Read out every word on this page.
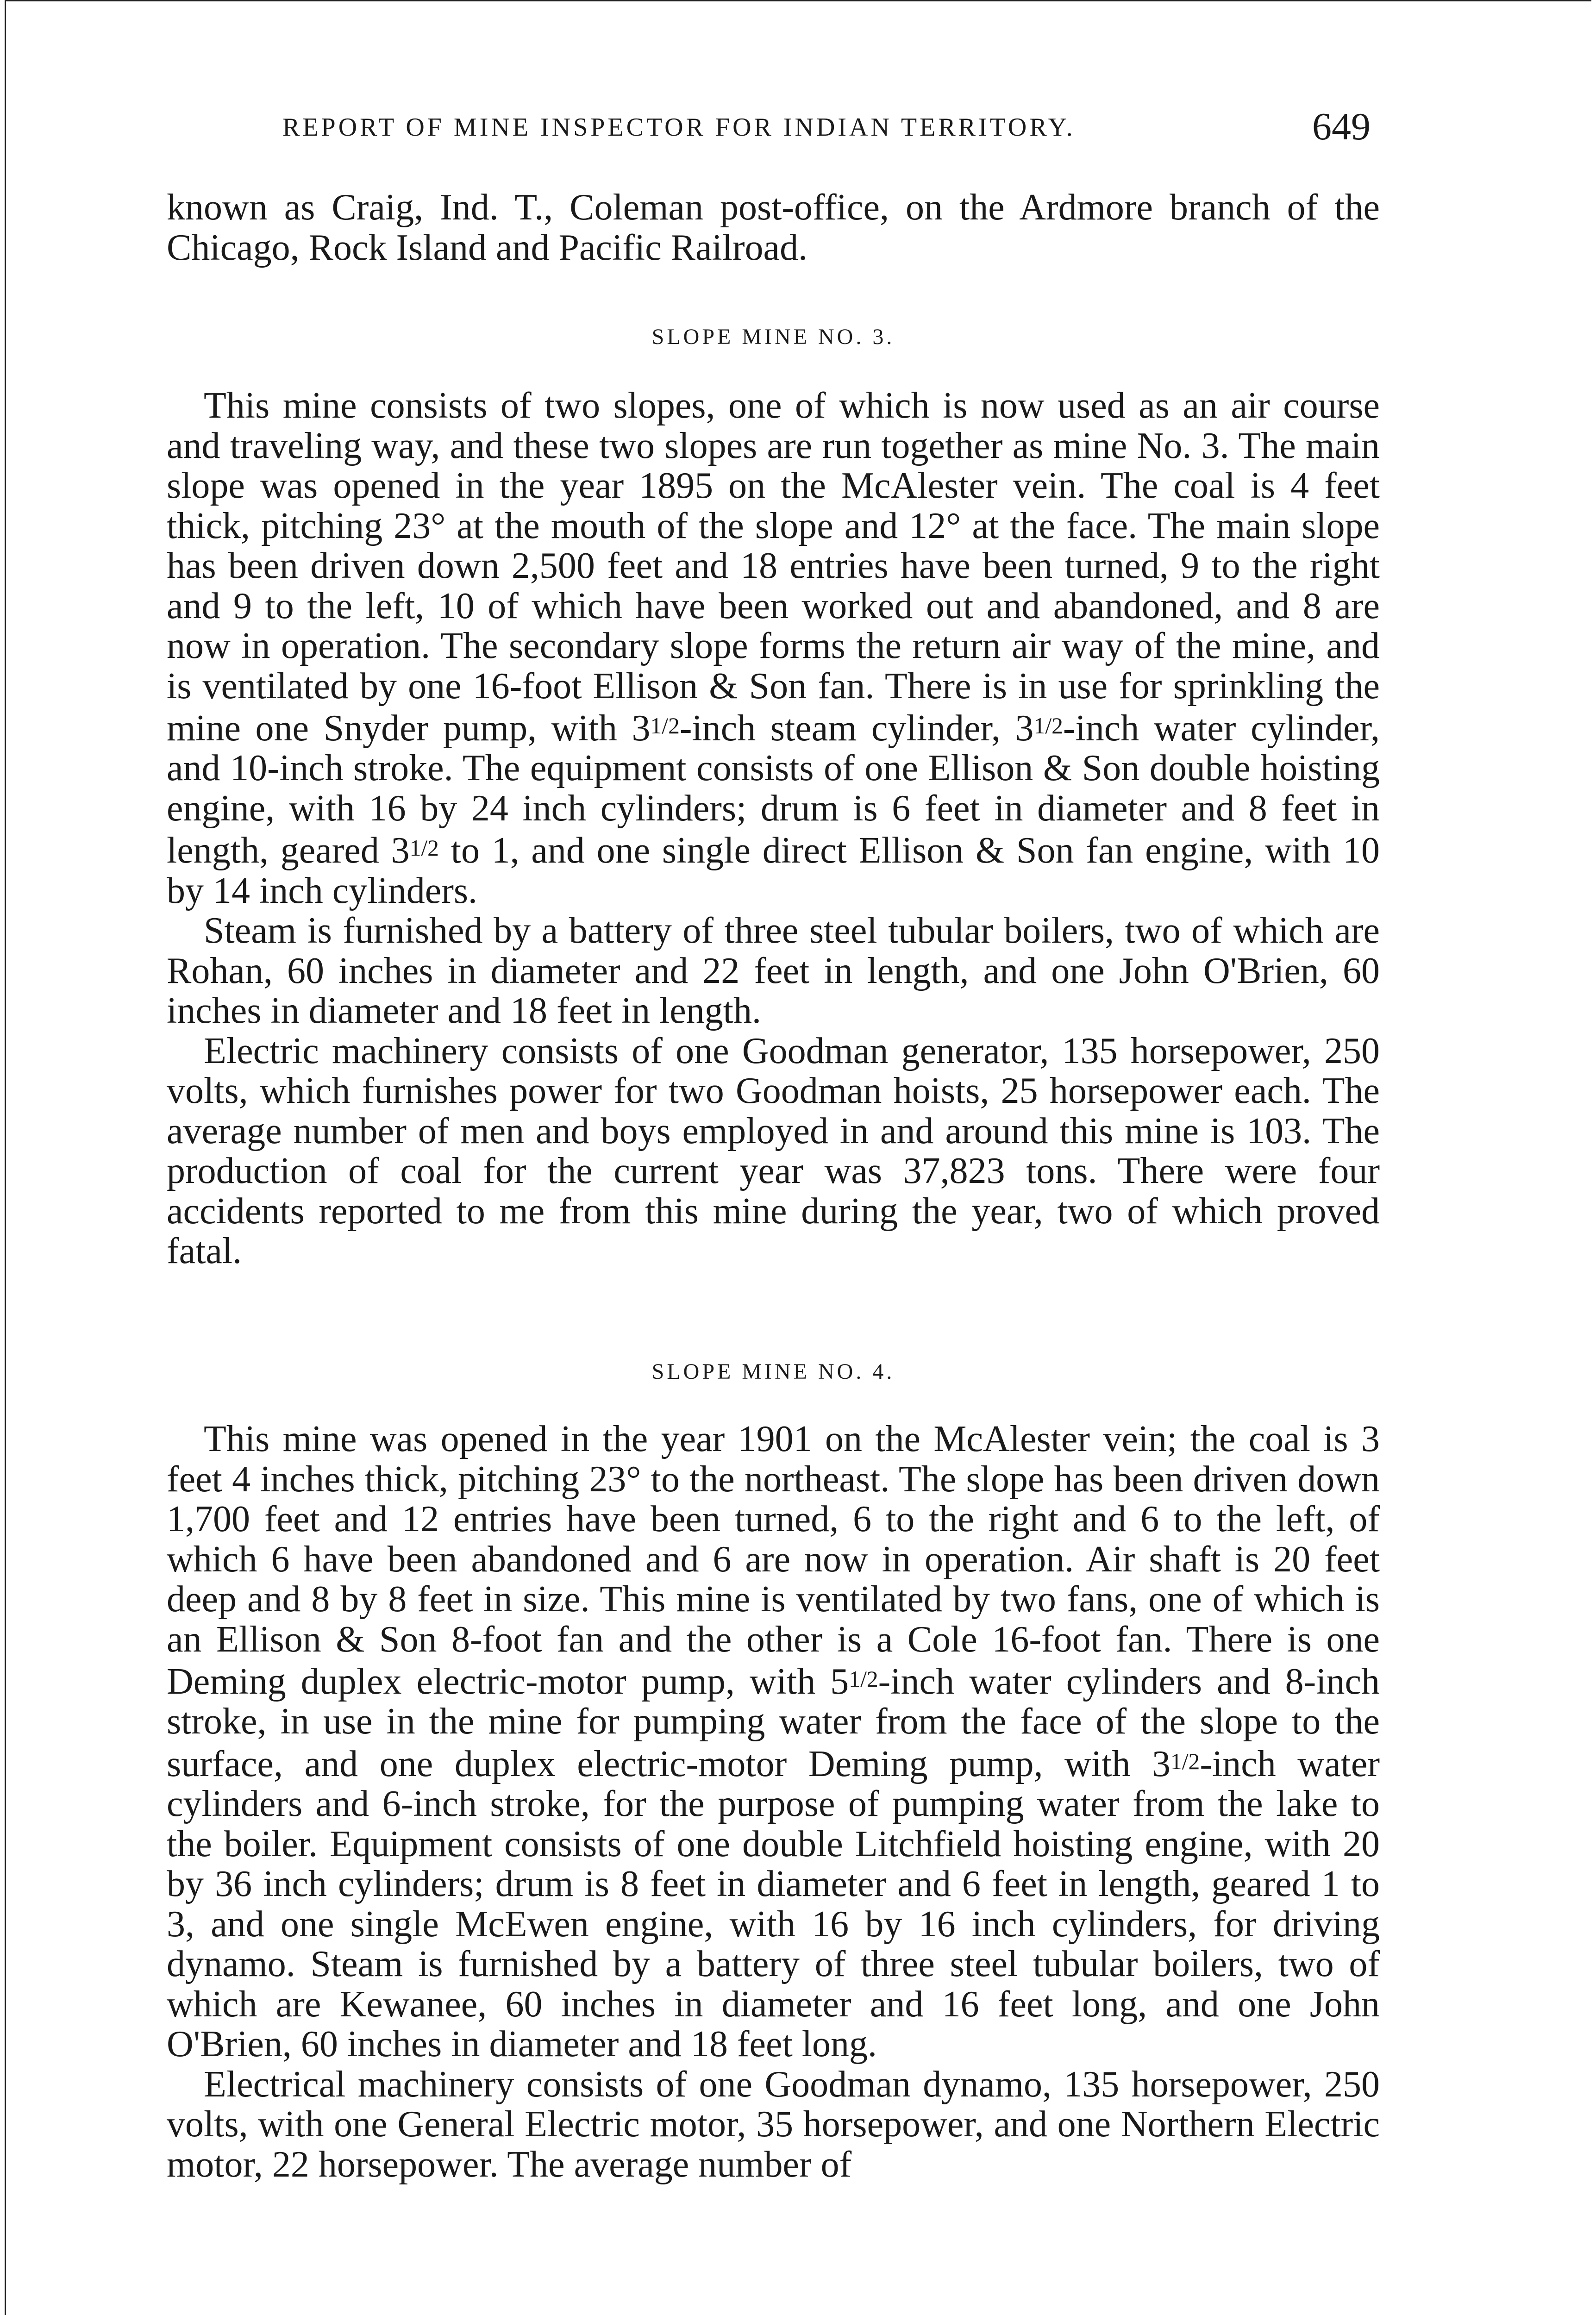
REPORT OF MINE INSPECTOR FOR INDIAN TERRITORY.	649

known as Craig, Ind. T., Coleman post-office, on the Ardmore branch of the Chicago, Rock Island and Pacific Railroad.

SLOPE MINE NO. 3.

This mine consists of two slopes, one of which is now used as an air course and traveling way, and these two slopes are run together as mine No. 3. The main slope was opened in the year 1895 on the McAlester vein. The coal is 4 feet thick, pitching 23° at the mouth of the slope and 12° at the face. The main slope has been driven down 2,500 feet and 18 entries have been turned, 9 to the right and 9 to the left, 10 of which have been worked out and abandoned, and 8 are now in operation. The secondary slope forms the return air way of the mine, and is ventilated by one 16-foot Ellison & Son fan. There is in use for sprinkling the mine one Snyder pump, with 31/2-inch steam cylinder, 31/2-inch water cylinder, and 10-inch stroke. The equipment consists of one Ellison & Son double hoisting engine, with 16 by 24 inch cylinders; drum is 6 feet in diameter and 8 feet in length, geared 31/2 to 1, and one single direct Ellison & Son fan engine, with 10 by 14 inch cylinders.

Steam is furnished by a battery of three steel tubular boilers, two of which are Rohan, 60 inches in diameter and 22 feet in length, and one John O'Brien, 60 inches in diameter and 18 feet in length.

Electric machinery consists of one Goodman generator, 135 horsepower, 250 volts, which furnishes power for two Goodman hoists, 25 horsepower each. The average number of men and boys employed in and around this mine is 103. The production of coal for the current year was 37,823 tons. There were four accidents reported to me from this mine during the year, two of which proved fatal.

SLOPE MINE NO. 4.

This mine was opened in the year 1901 on the McAlester vein; the coal is 3 feet 4 inches thick, pitching 23° to the northeast. The slope has been driven down 1,700 feet and 12 entries have been turned, 6 to the right and 6 to the left, of which 6 have been abandoned and 6 are now in operation. Air shaft is 20 feet deep and 8 by 8 feet in size. This mine is ventilated by two fans, one of which is an Ellison & Son 8-foot fan and the other is a Cole 16-foot fan. There is one Deming duplex electric-motor pump, with 51/2-inch water cylinders and 8-inch stroke, in use in the mine for pumping water from the face of the slope to the surface, and one duplex electric-motor Deming pump, with 31/2-inch water cylinders and 6-inch stroke, for the purpose of pumping water from the lake to the boiler. Equipment consists of one double Litchfield hoisting engine, with 20 by 36 inch cylinders; drum is 8 feet in diameter and 6 feet in length, geared 1 to 3, and one single McEwen engine, with 16 by 16 inch cylinders, for driving dynamo. Steam is furnished by a battery of three steel tubular boilers, two of which are Kewanee, 60 inches in diameter and 16 feet long, and one John O'Brien, 60 inches in diameter and 18 feet long.

Electrical machinery consists of one Goodman dynamo, 135 horsepower, 250 volts, with one General Electric motor, 35 horsepower, and one Northern Electric motor, 22 horsepower. The average number of
